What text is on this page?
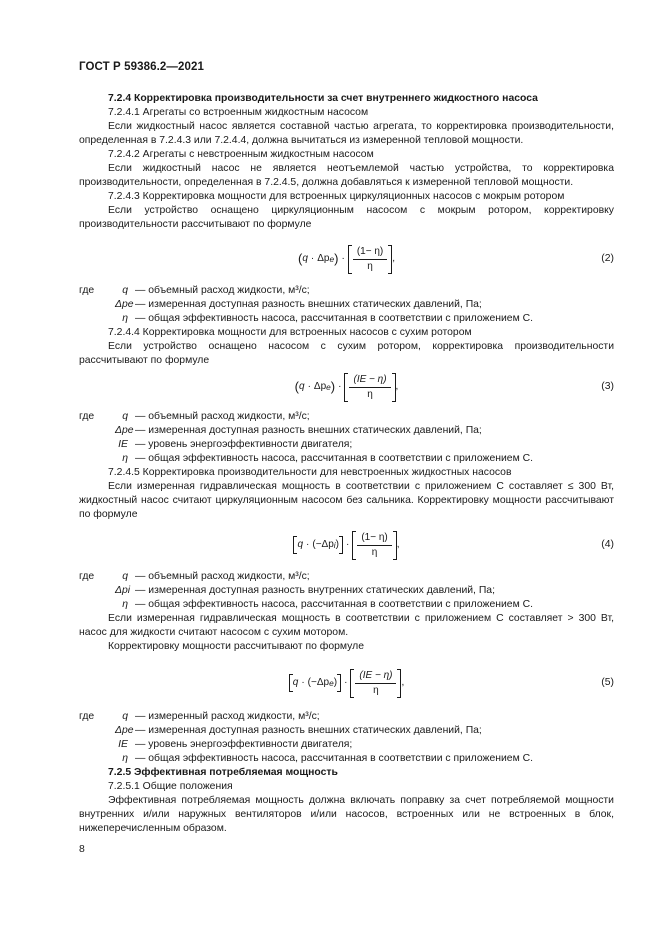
ГОСТ Р 59386.2—2021
7.2.4 Корректировка производительности за счет внутреннего жидкостного насоса
7.2.4.1 Агрегаты со встроенным жидкостным насосом
Если жидкостный насос является составной частью агрегата, то корректировка производительности, определенная в 7.2.4.3 или 7.2.4.4, должна вычитаться из измеренной тепловой мощности.
7.2.4.2 Агрегаты с невстроенным жидкостным насосом
Если жидкостный насос не является неотъемлемой частью устройства, то корректировка производительности, определенная в 7.2.4.5, должна добавляться к измеренной тепловой мощности.
7.2.4.3 Корректировка мощности для встроенных циркуляционных насосов с мокрым ротором
Если устройство оснащено циркуляционным насосом с мокрым ротором, корректировку производительности рассчитывают по формуле
( q · Δp e ) · $\frac{(1- \eta)}{\eta}$ ,	(2)
где	q — объемный расход жидкости, м³/с;
Δpe — измеренная доступная разность внешних статических давлений, Па;
η — общая эффективность насоса, рассчитанная в соответствии с приложением С.
7.2.4.4 Корректировка мощности для встроенных насосов с сухим ротором
Если устройство оснащено насосом с сухим ротором, корректировка производительности рассчитывают по формуле
( q · Δp e ) · $\frac{(IE - \eta)}{\eta}$ ,	(3)
где	q — объемный расход жидкости, м³/с;
Δpe — измеренная доступная разность внешних статических давлений, Па;
IE — уровень энергоэффективности двигателя;
η — общая эффективность насоса, рассчитанная в соответствии с приложением С.
7.2.4.5 Корректировка производительности для невстроенных жидкостных насосов
Если измеренная гидравлическая мощность в соответствии с приложением С составляет ≤ 300 Вт, жидкостный насос считают циркуляционным насосом без сальника. Корректировку мощности рассчитывают по формуле
q · (−Δp i ) · $\frac{(1- \eta)}{\eta}$ ,	(4)
где	q — объемный расход жидкости, м³/с;
Δpi — измеренная доступная разность внутренних статических давлений, Па;
η — общая эффективность насоса, рассчитанная в соответствии с приложением С.
Если измеренная гидравлическая мощность в соответствии с приложением С составляет > 300 Вт, насос для жидкости считают насосом с сухим мотором.
Корректировку мощности рассчитывают по формуле
q · (−Δp e ) · $\frac{(IE - \eta)}{\eta}$ ,	(5)
где	q — измеренный расход жидкости, м³/с;
Δpe — измеренная доступная разность внешних статических давлений, Па;
IE — уровень энергоэффективности двигателя;
η — общая эффективность насоса, рассчитанная в соответствии с приложением С.
7.2.5 Эффективная потребляемая мощность
7.2.5.1 Общие положения
Эффективная потребляемая мощность должна включать поправку за счет потребляемой мощности внутренних и/или наружных вентиляторов и/или насосов, встроенных или не встроенных в блок, нижеперечисленным образом.
8
